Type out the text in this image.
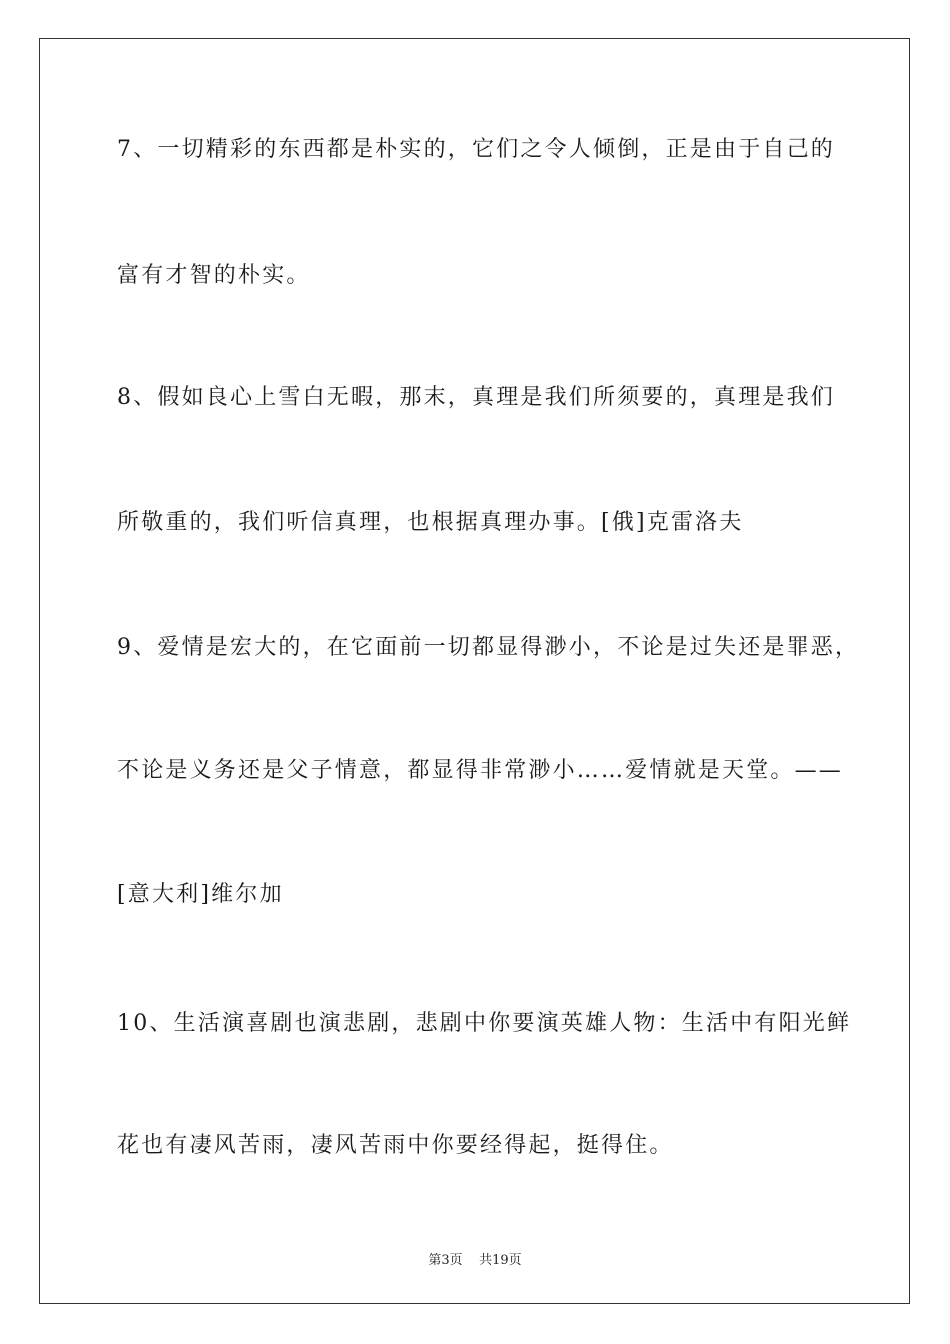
7、一切精彩的东西都是朴实的，它们之令人倾倒，正是由于自己的
富有才智的朴实。
8、假如良心上雪白无暇，那末，真理是我们所须要的，真理是我们
所敬重的，我们听信真理，也根据真理办事。[俄]克雷洛夫
9、爱情是宏大的，在它面前一切都显得渺小，不论是过失还是罪恶，
不论是义务还是父子情意，都显得非常渺小……爱情就是天堂。——
[意大利]维尔加
10、生活演喜剧也演悲剧，悲剧中你要演英雄人物：生活中有阳光鲜
花也有凄风苦雨，凄风苦雨中你要经得起，挺得住。
第3页 共19页
